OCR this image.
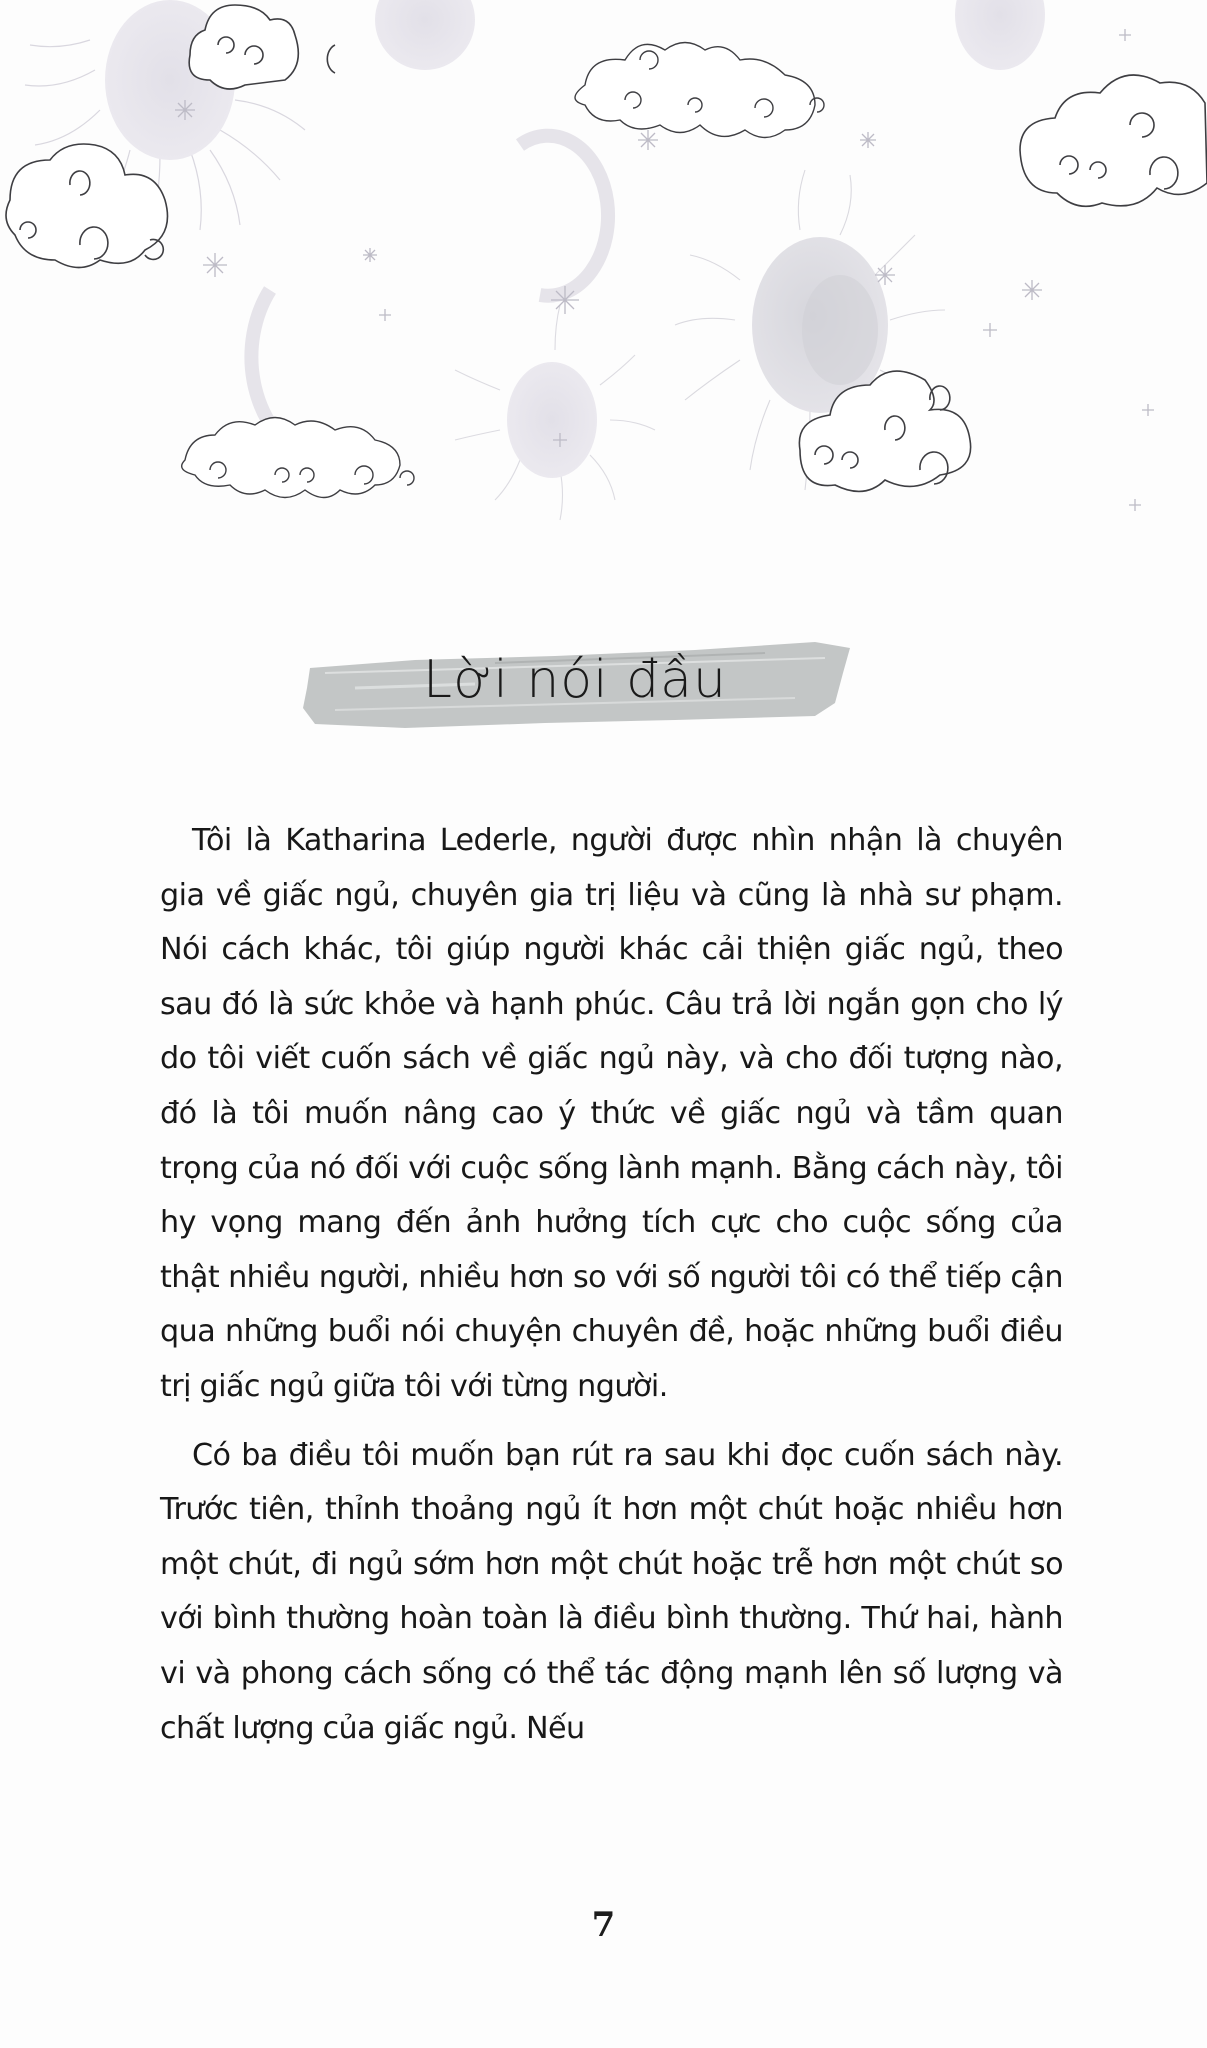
Lời nói đầu

Tôi là Katharina Lederle, người được nhìn nhận là chuyên gia về giấc ngủ, chuyên gia trị liệu và cũng là nhà sư phạm. Nói cách khác, tôi giúp người khác cải thiện giấc ngủ, theo sau đó là sức khỏe và hạnh phúc. Câu trả lời ngắn gọn cho lý do tôi viết cuốn sách về giấc ngủ này, và cho đối tượng nào, đó là tôi muốn nâng cao ý thức về giấc ngủ và tầm quan trọng của nó đối với cuộc sống lành mạnh. Bằng cách này, tôi hy vọng mang đến ảnh hưởng tích cực cho cuộc sống của thật nhiều người, nhiều hơn so với số người tôi có thể tiếp cận qua những buổi nói chuyện chuyên đề, hoặc những buổi điều trị giấc ngủ giữa tôi với từng người.

Có ba điều tôi muốn bạn rút ra sau khi đọc cuốn sách này. Trước tiên, thỉnh thoảng ngủ ít hơn một chút hoặc nhiều hơn một chút, đi ngủ sớm hơn một chút hoặc trễ hơn một chút so với bình thường hoàn toàn là điều bình thường. Thứ hai, hành vi và phong cách sống có thể tác động mạnh lên số lượng và chất lượng của giấc ngủ. Nếu

7
